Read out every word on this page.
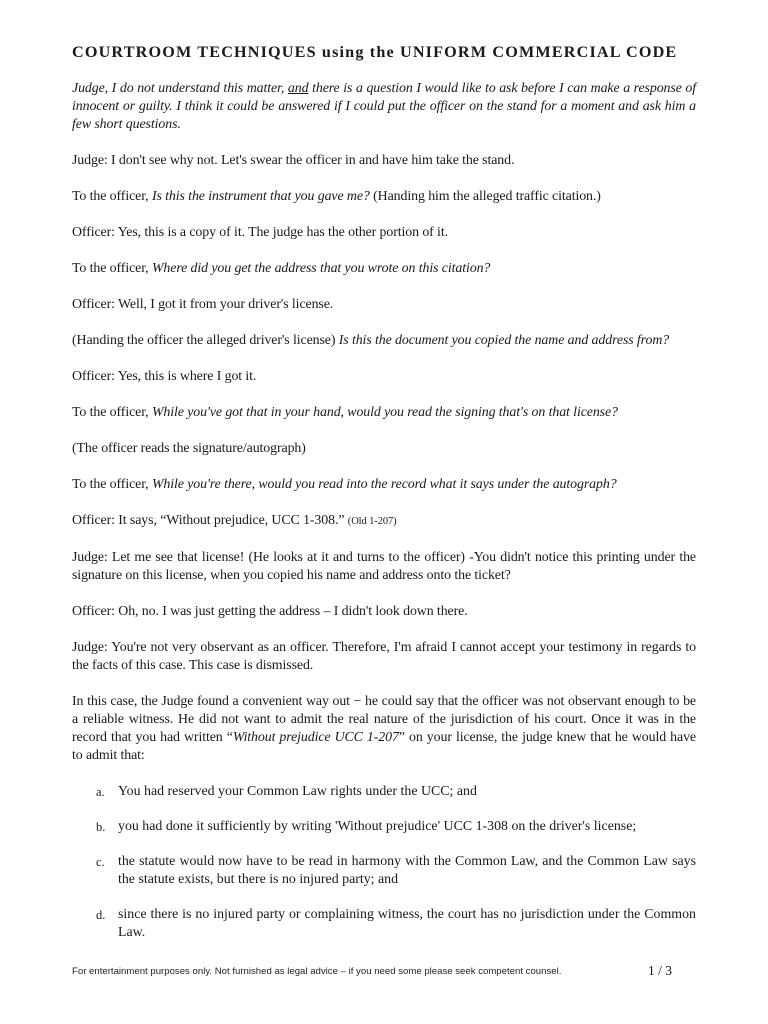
COURTROOM TECHNIQUES using the UNIFORM COMMERCIAL CODE

Judge, I do not understand this matter, and there is a question I would like to ask before I can make a response of innocent or guilty. I think it could be answered if I could put the officer on the stand for a moment and ask him a few short questions.

Judge: I don't see why not. Let's swear the officer in and have him take the stand.

To the officer, Is this the instrument that you gave me? (Handing him the alleged traffic citation.)

Officer: Yes, this is a copy of it. The judge has the other portion of it.

To the officer, Where did you get the address that you wrote on this citation?

Officer: Well, I got it from your driver's license.

(Handing the officer the alleged driver's license) Is this the document you copied the name and address from?

Officer: Yes, this is where I got it.

To the officer, While you've got that in your hand, would you read the signing that's on that license?

(The officer reads the signature/autograph)

To the officer, While you're there, would you read into the record what it says under the autograph?

Officer: It says, “Without prejudice, UCC 1-308.” (Old 1-207)

Judge: Let me see that license! (He looks at it and turns to the officer) -You didn't notice this printing under the signature on this license, when you copied his name and address onto the ticket?

Officer: Oh, no. I was just getting the address – I didn't look down there.

Judge: You're not very observant as an officer. Therefore, I'm afraid I cannot accept your testimony in regards to the facts of this case. This case is dismissed.

In this case, the Judge found a convenient way out − he could say that the officer was not observant enough to be a reliable witness. He did not want to admit the real nature of the jurisdiction of his court. Once it was in the record that you had written “Without prejudice UCC 1-207” on your license, the judge knew that he would have to admit that:

a. You had reserved your Common Law rights under the UCC; and
b. you had done it sufficiently by writing 'Without prejudice' UCC 1-308 on the driver's license;
c. the statute would now have to be read in harmony with the Common Law, and the Common Law says the statute exists, but there is no injured party; and
d. since there is no injured party or complaining witness, the court has no jurisdiction under the Common Law.
For entertainment purposes only. Not furnished as legal advice – if you need some please seek competent counsel.	1 / 3
